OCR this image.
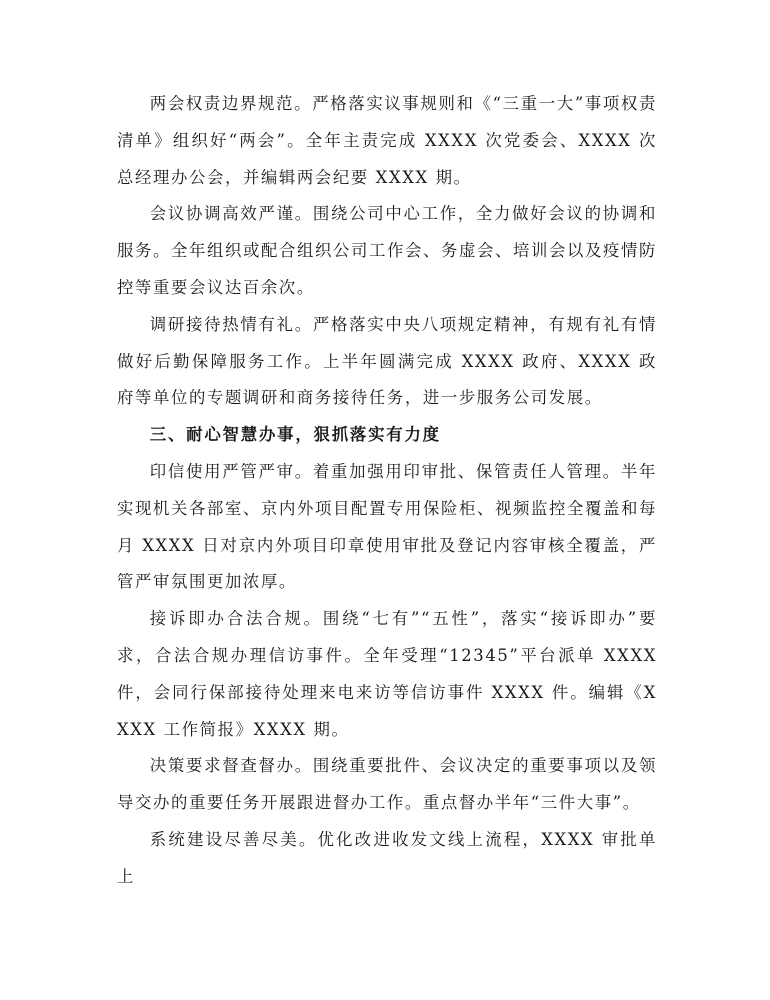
两会权责边界规范。严格落实议事规则和《“三重一大”事项权责清单》组织好“两会”。全年主责完成 XXXX 次党委会、XXXX 次总经理办公会，并编辑两会纪要 XXXX 期。

会议协调高效严谨。围绕公司中心工作，全力做好会议的协调和服务。全年组织或配合组织公司工作会、务虚会、培训会以及疫情防控等重要会议达百余次。

调研接待热情有礼。严格落实中央八项规定精神，有规有礼有情做好后勤保障服务工作。上半年圆满完成 XXXX 政府、XXXX 政府等单位的专题调研和商务接待任务，进一步服务公司发展。

三、耐心智慧办事，狠抓落实有力度

印信使用严管严审。着重加强用印审批、保管责任人管理。半年实现机关各部室、京内外项目配置专用保险柜、视频监控全覆盖和每月 XXXX 日对京内外项目印章使用审批及登记内容审核全覆盖，严管严审氛围更加浓厚。

接诉即办合法合规。围绕“七有”“五性”，落实“接诉即办”要求，合法合规办理信访事件。全年受理“12345”平台派单 XXXX 件，会同行保部接待处理来电来访等信访事件 XXXX 件。编辑《XXXX 工作简报》XXXX 期。

决策要求督查督办。围绕重要批件、会议决定的重要事项以及领导交办的重要任务开展跟进督办工作。重点督办半年“三件大事”。

系统建设尽善尽美。优化改进收发文线上流程，XXXX 审批单上
